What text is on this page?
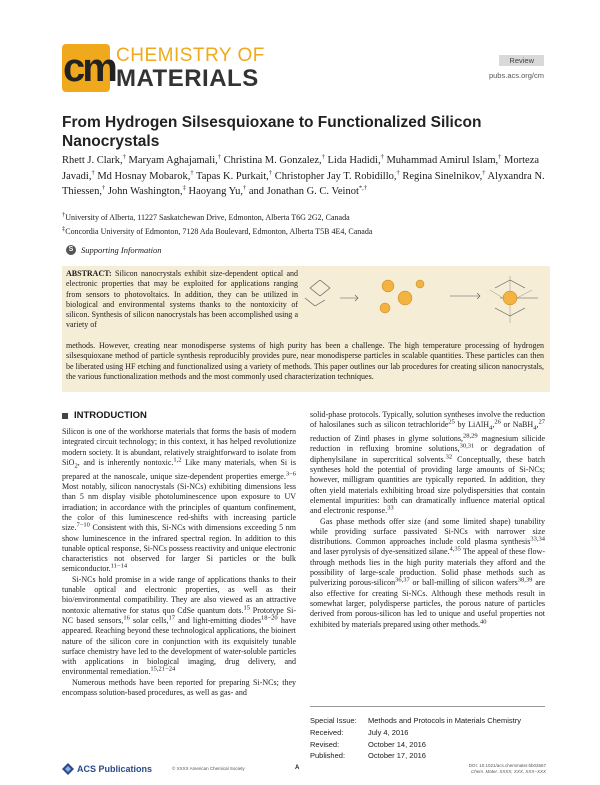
cm CHEMISTRY OF
MATERIALS
Review
pubs.acs.org/cm
From Hydrogen Silsesquioxane to Functionalized Silicon Nanocrystals
Rhett J. Clark,† Maryam Aghajamali,† Christina M. Gonzalez,† Lida Hadidi,† Muhammad Amirul Islam,† Morteza Javadi,† Md Hosnay Mobarok,† Tapas K. Purkait,† Christopher Jay T. Robidillo,† Regina Sinelnikov,† Alyxandra N. Thiessen,† John Washington,‡ Haoyang Yu,† and Jonathan G. C. Veinot*,†
†University of Alberta, 11227 Saskatchewan Drive, Edmonton, Alberta T6G 2G2, Canada
‡Concordia University of Edmonton, 7128 Ada Boulevard, Edmonton, Alberta T5B 4E4, Canada
S Supporting Information
ABSTRACT: Silicon nanocrystals exhibit size-dependent optical and electronic properties that may be exploited for applications ranging from sensors to photovoltaics. In addition, they can be utilized in biological and environmental systems thanks to the nontoxicity of silicon. Synthesis of silicon nanocrystals has been accomplished using a variety of
methods. However, creating near monodisperse systems of high purity has been a challenge. The high temperature processing of hydrogen silsesquioxane method of particle synthesis reproducibly provides pure, near monodisperse particles in scalable quantities. These particles can then be liberated using HF etching and functionalized using a variety of methods. This paper outlines our lab procedures for creating silicon nanocrystals, the various functionalization methods and the most commonly used characterization techniques.
INTRODUCTION

Silicon is one of the workhorse materials that forms the basis of modern integrated circuit technology; in this context, it has helped revolutionize modern society. It is abundant, relatively straightforward to isolate from SiO$_2$, and is inherently nontoxic.$^{1,2}$ Like many materials, when Si is prepared at the nanoscale, unique size-dependent properties emerge.$^{3-6}$ Most notably, silicon nanocrystals (Si-NCs) exhibiting dimensions less than 5 nm display visible photoluminescence upon exposure to UV irradiation; in accordance with the principles of quantum confinement, the color of this luminescence red-shifts with increasing particle size.$^{7-10}$ Consistent with this, Si-NCs with dimensions exceeding 5 nm show luminescence in the infrared spectral region. In addition to this tunable optical response, Si-NCs possess reactivity and unique electronic characteristics not observed for larger Si particles or the bulk semiconductor.$^{11-14}$

Si-NCs hold promise in a wide range of applications thanks to their tunable optical and electronic properties, as well as their bio/environmental compatibility. They are also viewed as an attractive nontoxic alternative for status quo CdSe quantum dots.$^{15}$ Prototype Si-NC based sensors,$^{16}$ solar cells,$^{17}$ and light-emitting diodes$^{18-20}$ have appeared. Reaching beyond these technological applications, the bioinert nature of the silicon core in conjunction with its exquisitely tunable surface chemistry have led to the development of water-soluble particles with applications in biological imaging, drug delivery, and environmental remediation.$^{15,21-24}$

Numerous methods have been reported for preparing Si-NCs; they encompass solution-based procedures, as well as gas- and

solid-phase protocols. Typically, solution syntheses involve the reduction of halosilanes such as silicon tetrachloride$^{25}$ by LiAlH$_4$,$^{26}$ or NaBH$_4$,$^{27}$ reduction of Zintl phases in glyme solutions,$^{28,29}$ magnesium silicide reduction in refluxing bromine solutions,$^{30,31}$ or degradation of diphenylsilane in supercritical solvents.$^{32}$ Conceptually, these batch syntheses hold the potential of providing large amounts of Si-NCs; however, milligram quantities are typically reported. In addition, they often yield materials exhibiting broad size polydispersities that contain elemental impurities: both can dramatically influence material optical and electronic response.$^{33}$

Gas phase methods offer size (and some limited shape) tunability while providing surface passivated Si-NCs with narrower size distributions. Common approaches include cold plasma synthesis$^{33,34}$ and laser pyrolysis of dye-sensitized silane.$^{4,35}$ The appeal of these flow-through methods lies in the high purity materials they afford and the possibility of large-scale production. Solid phase methods such as pulverizing porous-silicon$^{36,37}$ or ball-milling of silicon wafers$^{38,39}$ are also effective for creating Si-NCs. Although these methods result in somewhat larger, polydisperse particles, the porous nature of particles derived from porous-silicon has led to unique and useful properties not exhibited by materials prepared using other methods.$^{40}$

Special Issue: Methods and Protocols in Materials Chemistry
Received:	July 4, 2016
Revised:	October 14, 2016
Published:	October 17, 2016
ACS Publications	© XXXX American Chemical Society	A	DOI: 10.1021/acs.chemmater.6b02667
Chem. Mater. XXXX, XXX, XXX−XXX
